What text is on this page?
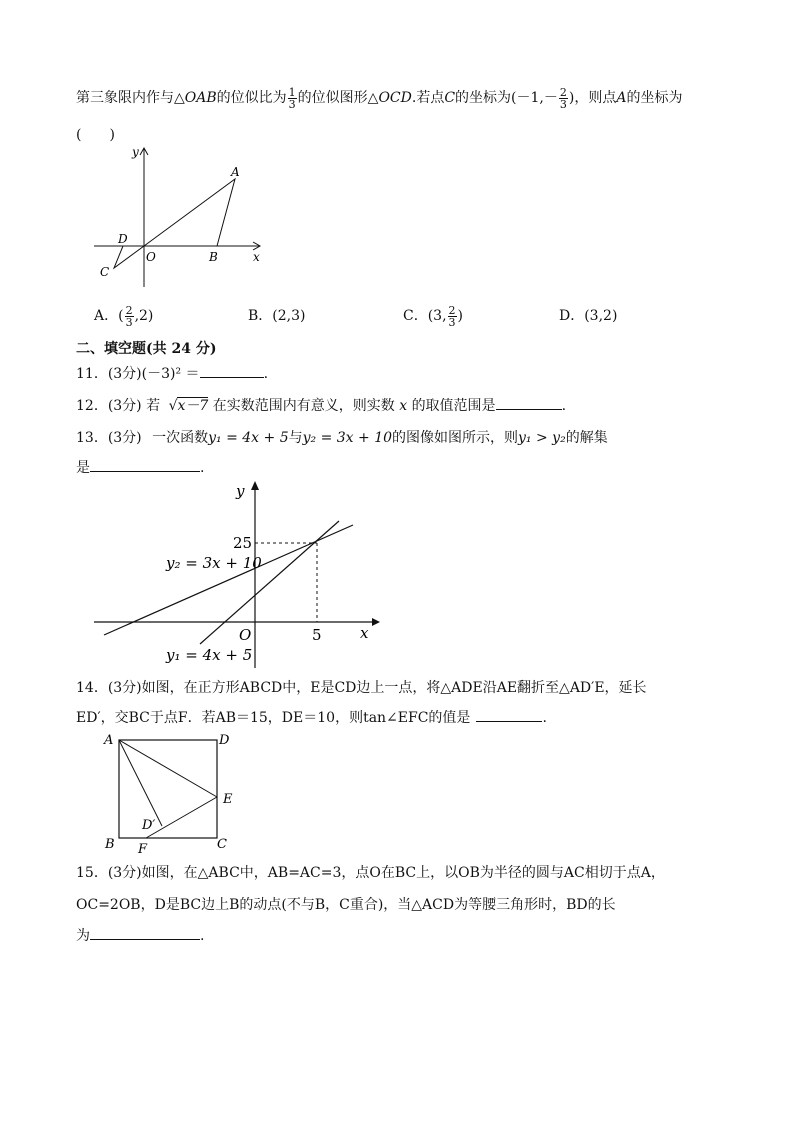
第三象限内作与△OAB的位似比为 $\frac{1}{3}$ 的位似图形△OCD.若点C的坐标为($-1,- \frac{2}{3}$ )，则点A的坐标为
(　　)
y
x
A
B
O
D
C
A．( $\frac{2}{3} ,2$)	B．(2,3)	C．(3, $\frac{2}{3}$ )	D．(3,2)
二、填空题(共 24 分)
11．(3分)(－3)² ＝	.
12．(3分) 若 √x－7 在实数范围内有意义，则实数 x 的取值范围是	.
13．(3分) 一次函数y₁ = 4x + 5与y₂ = 3x + 10的图像如图所示，则y₁ > y₂的解集
是	.
y
x
O
25
5
y₂ = 3x + 10
y₁ = 4x + 5
14．(3分)如图，在正方形ABCD中，E是CD边上一点，将△ADE沿AE翻折至△AD′E，延长
ED′，交BC于点F．若AB＝15，DE＝10，则tan∠EFC的值是	.
A	D
E
B	C
F
D′
15．(3分)如图，在△ABC中，AB=AC=3，点O在BC上，以OB为半径的圆与AC相切于点A，
OC=2OB，D是BC边上B的动点(不与B，C重合)，当△ACD为等腰三角形时，BD的长
为	.
